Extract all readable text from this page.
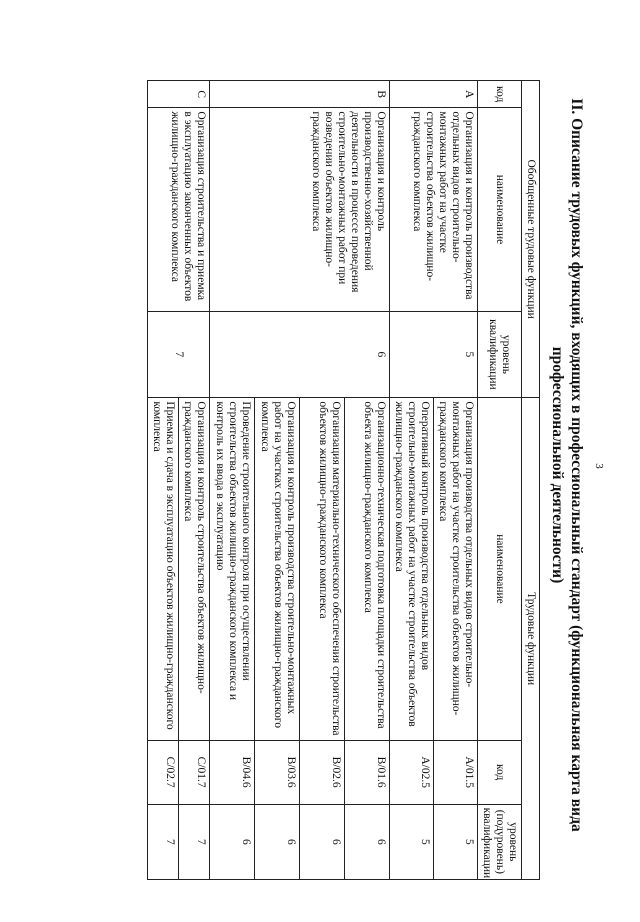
3
II. Описание трудовых функций, входящих в профессиональный стандарт (функциональная карта вида профессиональной деятельности)
Обобщенные трудовые функции			Трудовые функции		
код	наименование	уровень квалификации	наименование	код	уровень (подуровень) квалификации
A	Организация и контроль производства отдельных видов строительно-монтажных работ на участке строительства объектов жилищно-гражданского комплекса	5	Организация производства отдельных видов строительно-монтажных работ на участке строительства объектов жилищно-гражданского комплекса	A/01.5	5
			Оперативный контроль производства отдельных видов строительно-монтажных работ на участке строительства объектов жилищно-гражданского комплекса	A/02.5	5
B	Организация и контроль производственно-хозяйственной деятельности в процессе проведения строительно-монтажных работ при возведении объектов жилищно-гражданского комплекса	6	Организационно-техническая подготовка площадки строительства объекта жилищно-гражданского комплекса	B/01.6	6
			Организация материально-технического обеспечения строительства объектов жилищно-гражданского комплекса	B/02.6	6
			Организация и контроль производства строительно-монтажных работ на участках строительства объектов жилищно-гражданского комплекса	B/03.6	6
			Проведение строительного контроля при осуществлении строительства объектов жилищно-гражданского комплекса и контроль их ввода в эксплуатацию	B/04.6	6
C	Организация строительства и приемка в эксплуатацию законченных объектов жилищно-гражданского комплекса	7	Организация и контроль строительства объектов жилищно-гражданского комплекса	C/01.7	7
			Приемка и сдача в эксплуатацию объектов жилищно-гражданского комплекса	C/02.7	7
